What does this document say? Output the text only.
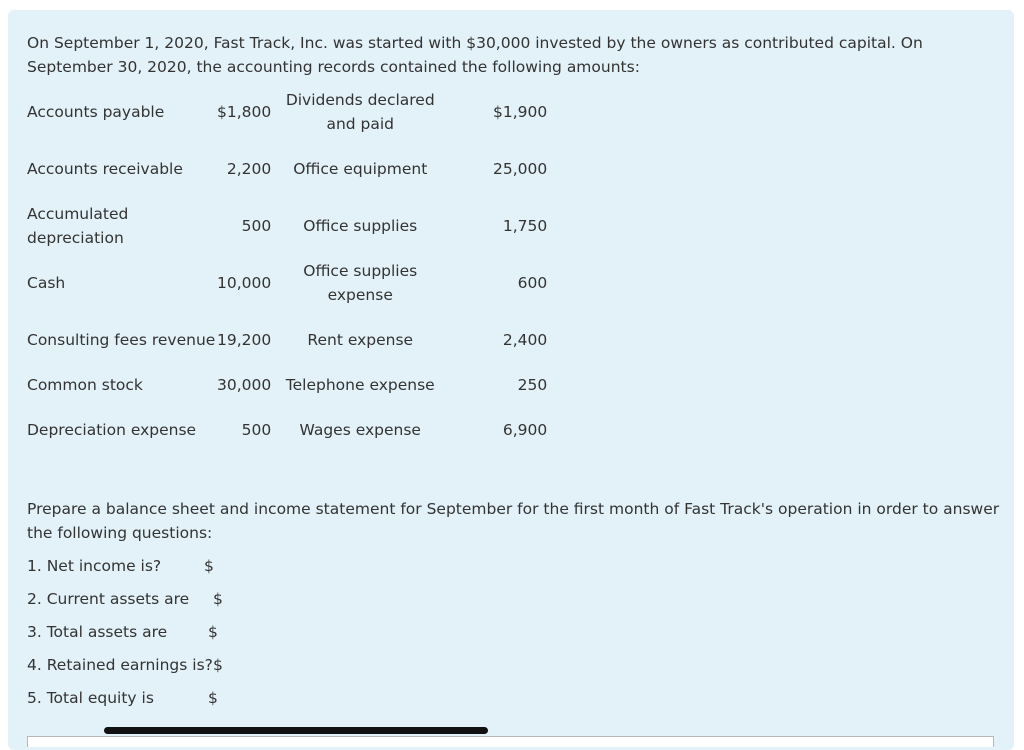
On September 1, 2020, Fast Track, Inc. was started with $30,000 invested by the owners as contributed capital. On September 30, 2020, the accounting records contained the following amounts:
Accounts payable	$1,800	Dividends declared and paid	$1,900

Accounts receivable	2,200	Office equipment	25,000

Accumulated depreciation	500	Office supplies	1,750

Cash	10,000	Office supplies expense	600

Consulting fees revenue	19,200	Rent expense	2,400

Common stock	30,000	Telephone expense	250

Depreciation expense	500	Wages expense	6,900
Prepare a balance sheet and income statement for September for the first month of Fast Track's operation in order to answer the following questions:
1. Net income is?	$
2. Current assets are $
3. Total assets are	$
4. Retained earnings is? $
5. Total equity is	$
